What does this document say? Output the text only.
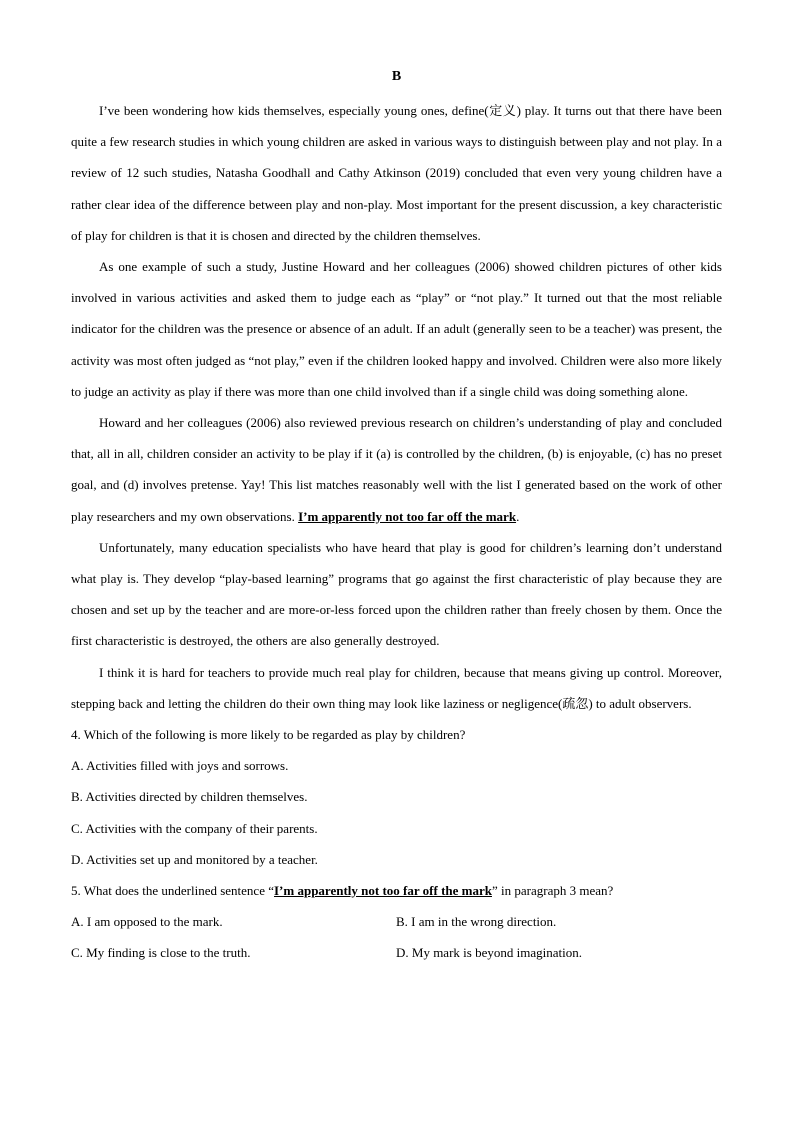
B

I’ve been wondering how kids themselves, especially young ones, define(定义) play. It turns out that there have been quite a few research studies in which young children are asked in various ways to distinguish between play and not play. In a review of 12 such studies, Natasha Goodhall and Cathy Atkinson (2019) concluded that even very young children have a rather clear idea of the difference between play and non-play. Most important for the present discussion, a key characteristic of play for children is that it is chosen and directed by the children themselves.

As one example of such a study, Justine Howard and her colleagues (2006) showed children pictures of other kids involved in various activities and asked them to judge each as “play” or “not play.” It turned out that the most reliable indicator for the children was the presence or absence of an adult. If an adult (generally seen to be a teacher) was present, the activity was most often judged as “not play,” even if the children looked happy and involved. Children were also more likely to judge an activity as play if there was more than one child involved than if a single child was doing something alone.

Howard and her colleagues (2006) also reviewed previous research on children’s understanding of play and concluded that, all in all, children consider an activity to be play if it (a) is controlled by the children, (b) is enjoyable, (c) has no preset goal, and (d) involves pretense. Yay! This list matches reasonably well with the list I generated based on the work of other play researchers and my own observations. I’m apparently not too far off the mark.

Unfortunately, many education specialists who have heard that play is good for children’s learning don’t understand what play is. They develop “play-based learning” programs that go against the first characteristic of play because they are chosen and set up by the teacher and are more-or-less forced upon the children rather than freely chosen by them. Once the first characteristic is destroyed, the others are also generally destroyed.

I think it is hard for teachers to provide much real play for children, because that means giving up control. Moreover, stepping back and letting the children do their own thing may look like laziness or negligence(疏忽) to adult observers.

4. Which of the following is more likely to be regarded as play by children?

A. Activities filled with joys and sorrows.

B. Activities directed by children themselves.

C. Activities with the company of their parents.

D. Activities set up and monitored by a teacher.

5. What does the underlined sentence “I’m apparently not too far off the mark” in paragraph 3 mean?

A. I am opposed to the mark.	B. I am in the wrong direction.

C. My finding is close to the truth.	D. My mark is beyond imagination.
